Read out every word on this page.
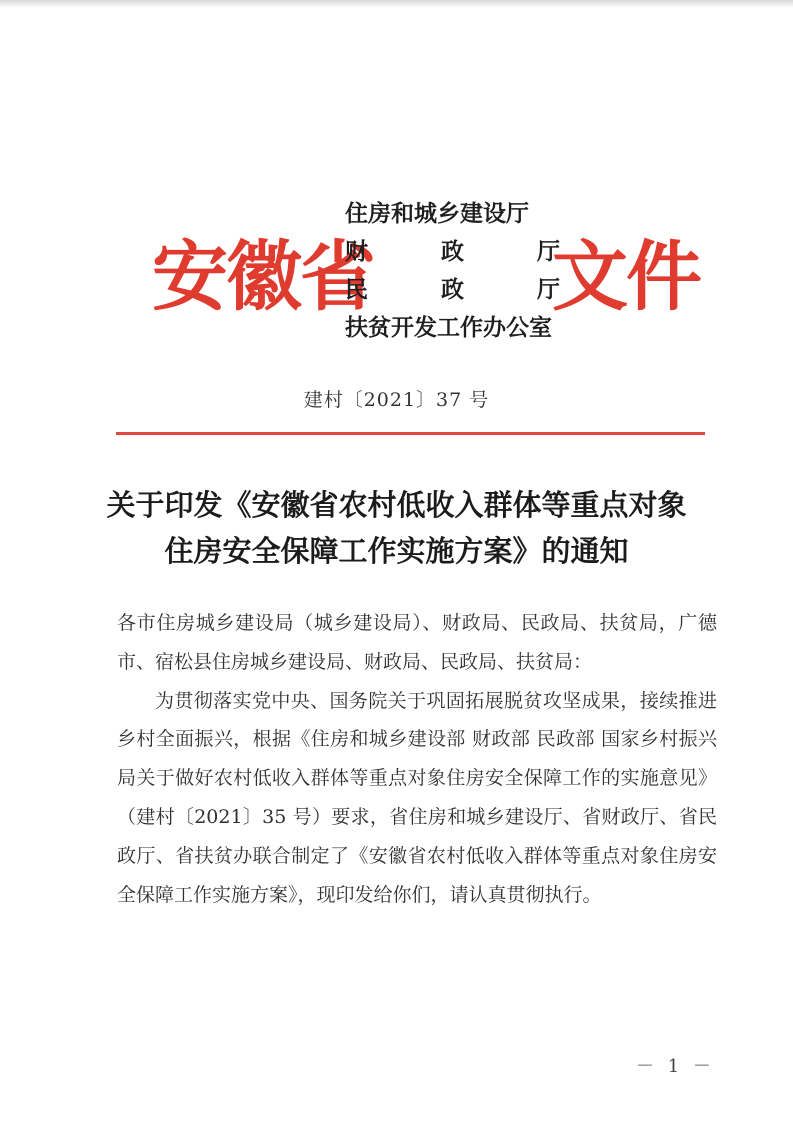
安徽省
住房和城乡建设厅
财　政　厅
民　政　厅
扶贫开发工作办公室
文件
建村〔2021〕37 号
关于印发《安徽省农村低收入群体等重点对象
住房安全保障工作实施方案》的通知

各市住房城乡建设局（城乡建设局）、财政局、民政局、扶贫局，广德市、宿松县住房城乡建设局、财政局、民政局、扶贫局：

为贯彻落实党中央、国务院关于巩固拓展脱贫攻坚成果，接续推进乡村全面振兴，根据《住房和城乡建设部 财政部 民政部 国家乡村振兴局关于做好农村低收入群体等重点对象住房安全保障工作的实施意见》（建村〔2021〕35 号）要求，省住房和城乡建设厅、省财政厅、省民政厅、省扶贫办联合制定了《安徽省农村低收入群体等重点对象住房安全保障工作实施方案》，现印发给你们，请认真贯彻执行。

－ 1 －
